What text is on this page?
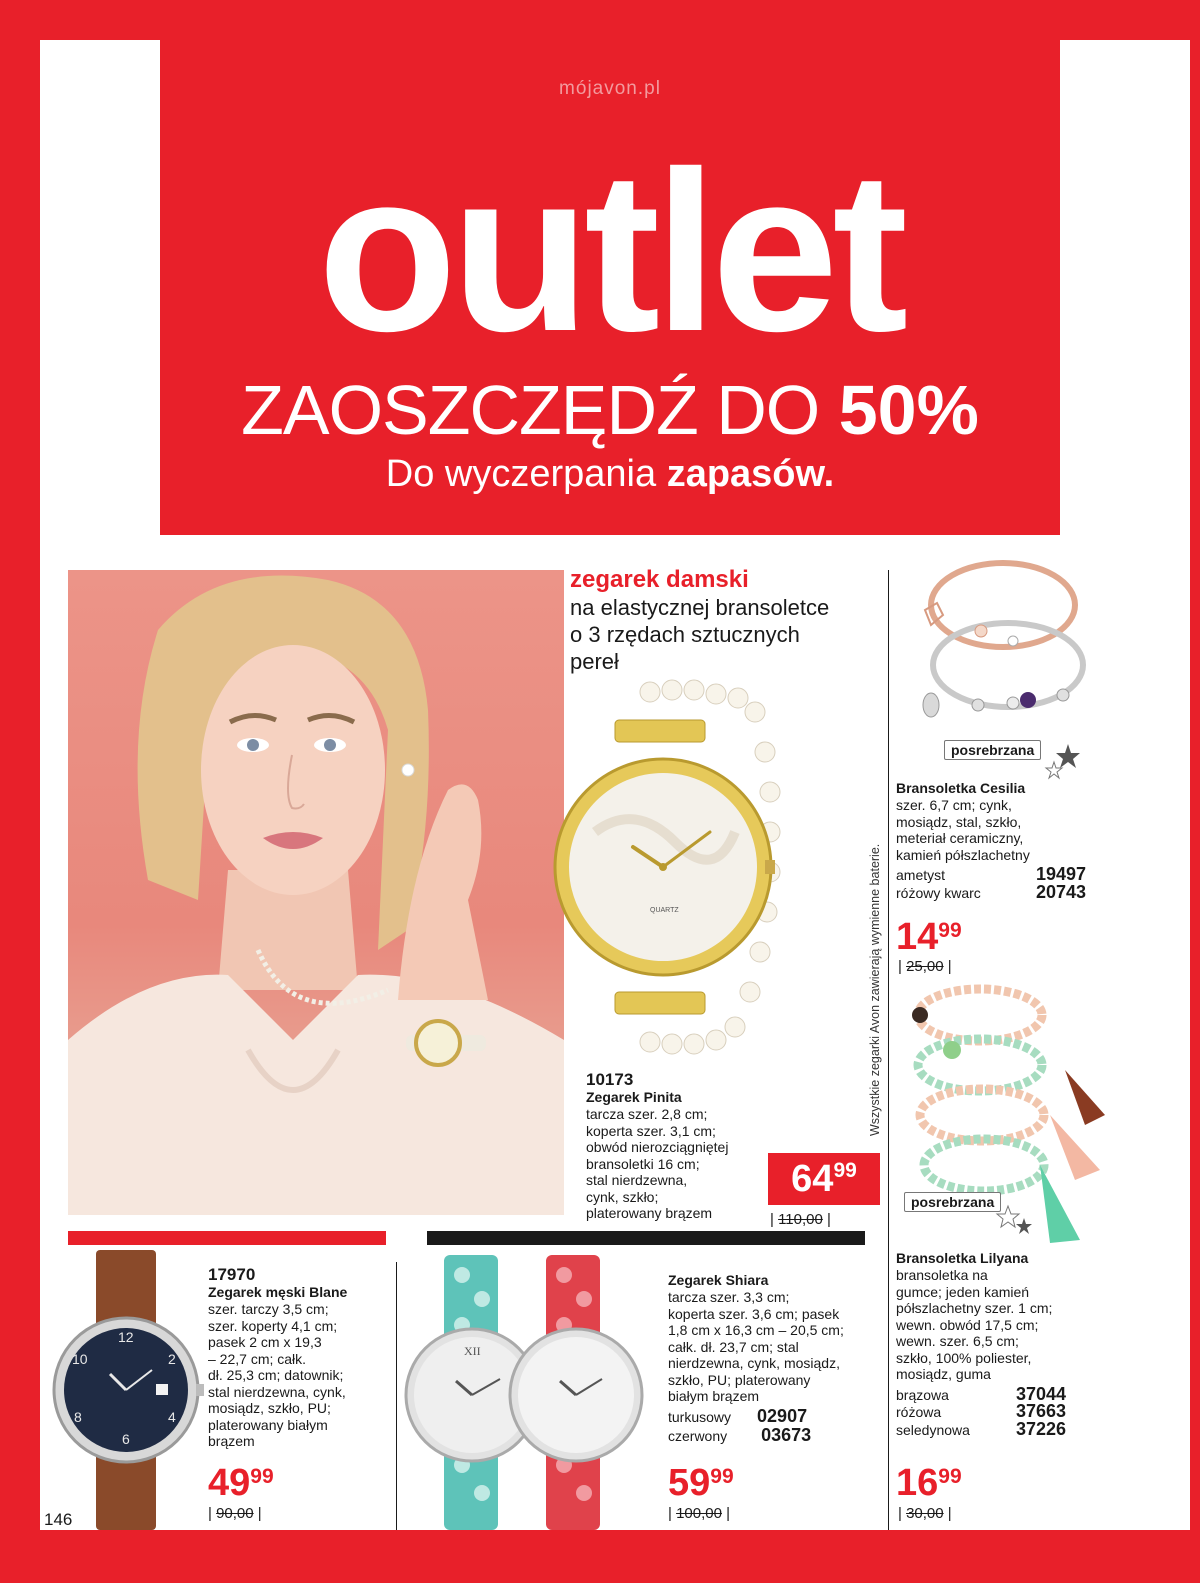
mójavon.pl
outlet
ZAOSZCZĘDŹ DO 50%
Do wyczerpania zapasów.
zegarek damski
na elastycznej bransoletce
o 3 rzędach sztucznych
pereł
QUARTZ
10173
Zegarek Pinita
tarcza szer. 2,8 cm;
koperta szer. 3,1 cm;
obwód nierozciągniętej
bransoletki 16 cm;
stal nierdzewna,
cynk, szkło;
platerowany brązem
6499
| 110,00 |
Wszystkie zegarki Avon zawierają wymienne baterie.
posrebrzana
Bransoletka Cesilia
szer. 6,7 cm; cynk,
mosiądz, stal, szkło,
meteriał ceramiczny,
kamień półszlachetny
ametyst	19497
różowy kwarc	20743
1499
| 25,00 |
posrebrzana
Bransoletka Lilyana
bransoletka na
gumce; jeden kamień
półszlachetny szer. 1 cm;
wewn. obwód 17,5 cm;
wewn. szer. 6,5 cm;
szkło, 100% poliester,
mosiądz, guma
brązowa	37044
różowa	37663
seledynowa	37226
1699
| 30,00 |
12
2
4
6
8
10
17970
Zegarek męski Blane
szer. tarczy 3,5 cm;
szer. koperty 4,1 cm;
pasek 2 cm x 19,3
– 22,7 cm; całk.
dł. 25,3 cm; datownik;
stal nierdzewna, cynk,
mosiądz, szkło, PU;
platerowany białym
brązem
4999
| 90,00 |
XII
Zegarek Shiara
tarcza szer. 3,3 cm;
koperta szer. 3,6 cm; pasek
1,8 cm x 16,3 cm – 20,5 cm;
całk. dł. 23,7 cm; stal
nierdzewna, cynk, mosiądz,
szkło, PU; platerowany
białym brązem
turkusowy 02907
czerwony 03673
5999
| 100,00 |
146
